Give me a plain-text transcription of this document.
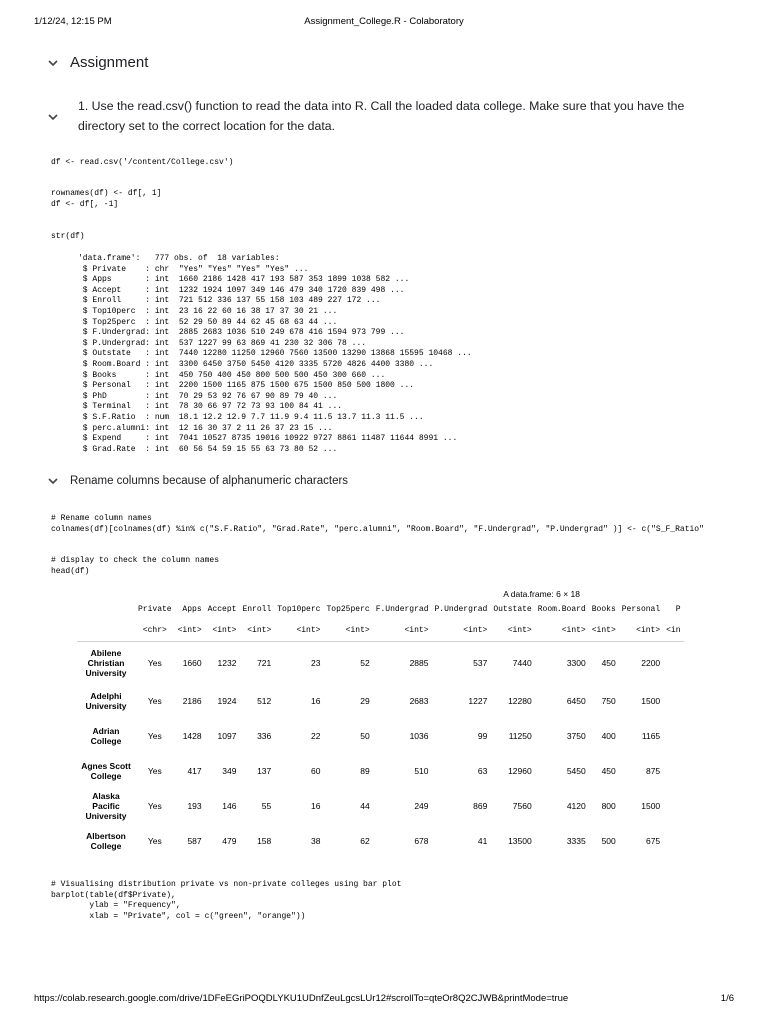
1/12/24, 12:15 PM	Assignment_College.R - Colaboratory
Assignment
1. Use the read.csv() function to read the data into R. Call the loaded data college. Make sure that you have the directory set to the correct location for the data.
df <- read.csv('/content/College.csv')
rownames(df) <- df[, 1]
df <- df[, -1]
str(df)
'data.frame':	777 obs. of  18 variables:
$ Private    : chr  "Yes" "Yes" "Yes" "Yes" ...
$ Apps       : int  1660 2186 1428 417 193 587 353 1899 1038 582 ...
$ Accept     : int  1232 1924 1097 349 146 479 340 1720 839 498 ...
$ Enroll     : int  721 512 336 137 55 158 103 489 227 172 ...
$ Top10perc  : int  23 16 22 60 16 38 17 37 30 21 ...
$ Top25perc  : int  52 29 50 89 44 62 45 68 63 44 ...
$ F.Undergrad: int  2885 2683 1036 510 249 678 416 1594 973 799 ...
$ P.Undergrad: int  537 1227 99 63 869 41 230 32 306 78 ...
$ Outstate   : int  7440 12280 11250 12960 7560 13500 13290 13868 15595 10468 ...
$ Room.Board : int  3300 6450 3750 5450 4120 3335 5720 4826 4400 3380 ...
$ Books      : int  450 750 400 450 800 500 500 450 300 660 ...
$ Personal   : int  2200 1500 1165 875 1500 675 1500 850 500 1800 ...
$ PhD        : int  70 29 53 92 76 67 90 89 79 40 ...
$ Terminal   : int  78 30 66 97 72 73 93 100 84 41 ...
$ S.F.Ratio  : num  18.1 12.2 12.9 7.7 11.9 9.4 11.5 13.7 11.3 11.5 ...
$ perc.alumni: int  12 16 30 37 2 11 26 37 23 15 ...
$ Expend     : int  7041 10527 8735 19016 10922 9727 8861 11487 11644 8991 ...
$ Grad.Rate  : int  60 56 54 59 15 55 63 73 80 52 ...
Rename columns because of alphanumeric characters
# Rename column names
colnames(df)[colnames(df) %in% c("S.F.Ratio", "Grad.Rate", "perc.alumni", "Room.Board", "F.Undergrad", "P.Undergrad" )] <- c("S_F_Ratio"
# display to check the column names
head(df)
A data.frame: 6 × 18
	Private	Apps	Accept	Enroll	Top10perc	Top25perc	F.Undergrad	P.Undergrad	Outstate	Room.Board	Books	Personal	P
	<chr>	<int>	<int>	<int>	<int>	<int>	<int>	<int>	<int>	<int>	<int>	<int>	<in
Abilene Christian University	Yes	1660	1232	721	23	52	2885	537	7440	3300	450	2200	
Adelphi University	Yes	2186	1924	512	16	29	2683	1227	12280	6450	750	1500	
Adrian College	Yes	1428	1097	336	22	50	1036	99	11250	3750	400	1165	
Agnes Scott College	Yes	417	349	137	60	89	510	63	12960	5450	450	875	
Alaska Pacific University	Yes	193	146	55	16	44	249	869	7560	4120	800	1500	
Albertson College	Yes	587	479	158	38	62	678	41	13500	3335	500	675	
# Visualising distribution private vs non-private colleges using bar plot
barplot(table(df$Private),
ylab = "Frequency",
xlab = "Private", col = c("green", "orange"))
https://colab.research.google.com/drive/1DFeEGriPOQDLYKU1UDnfZeuLgcsLUr12#scrollTo=qteOr8Q2CJWB&printMode=true	1/6
